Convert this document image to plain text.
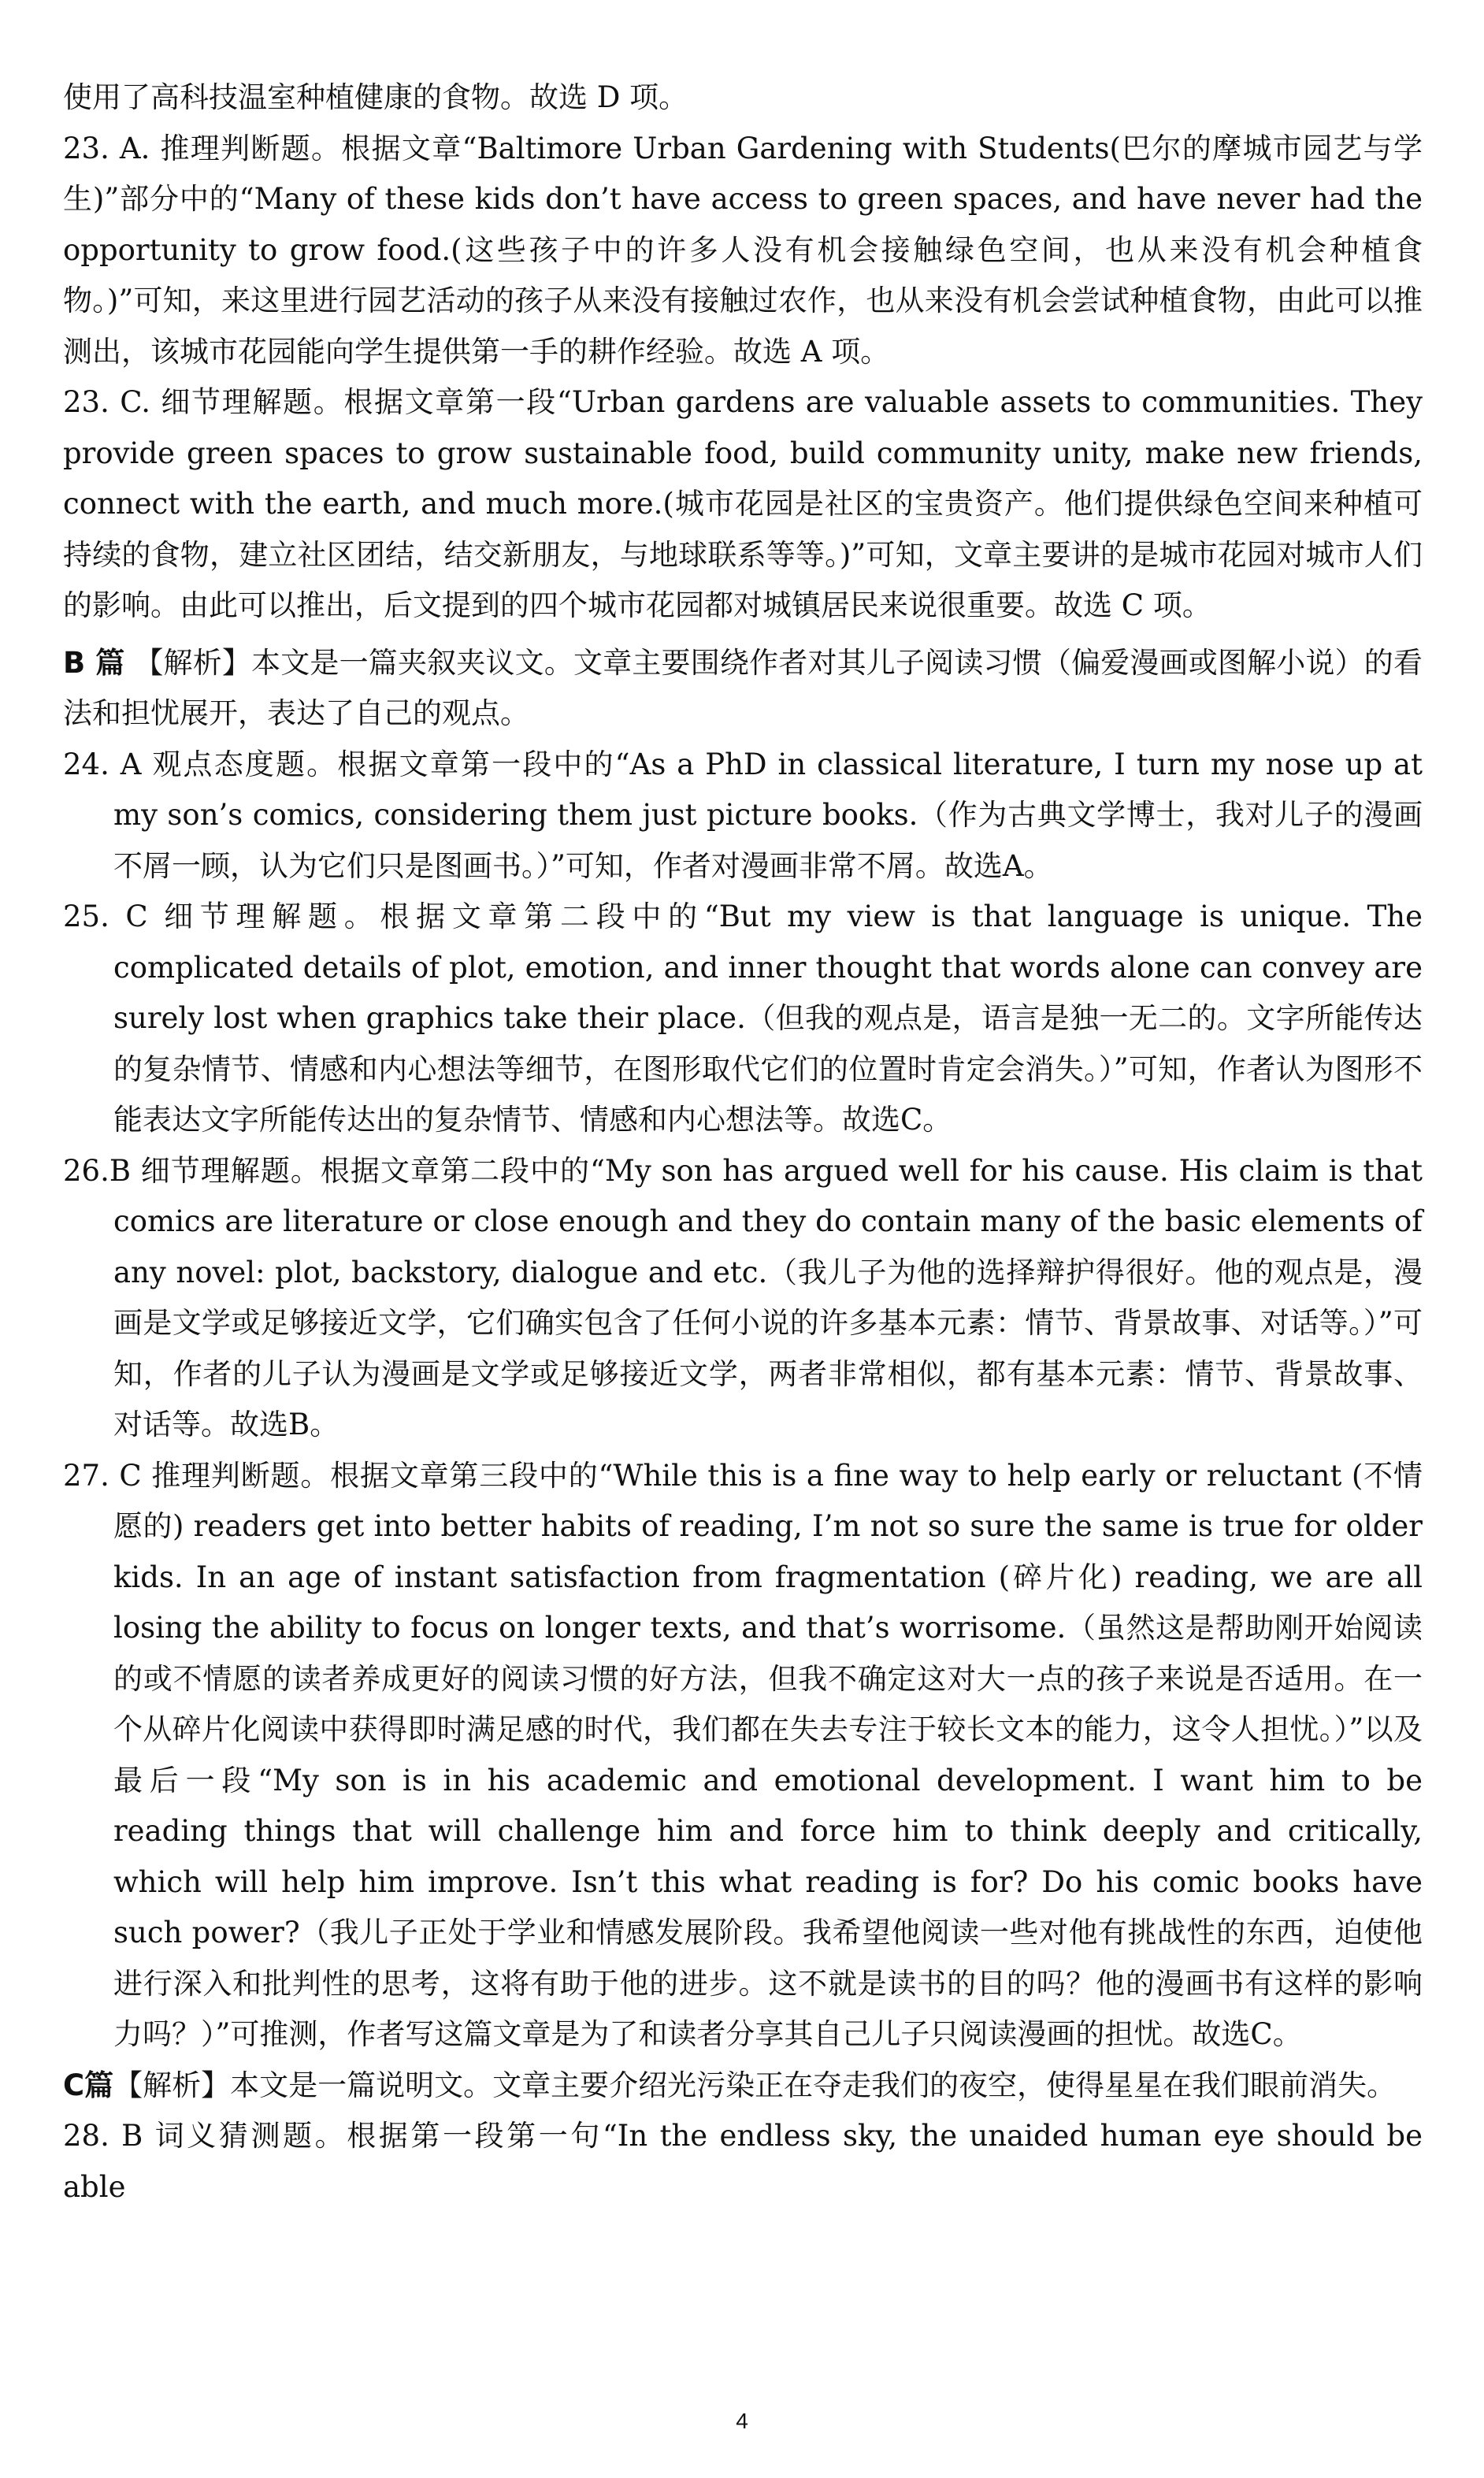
使用了高科技温室种植健康的食物。故选 D 项。

23. A. 推理判断题。根据文章“Baltimore Urban Gardening with Students(巴尔的摩城市园艺与学生)”部分中的“Many of these kids don’t have access to green spaces, and have never had the opportunity to grow food.(这些孩子中的许多人没有机会接触绿色空间，也从来没有机会种植食物。)”可知，来这里进行园艺活动的孩子从来没有接触过农作，也从来没有机会尝试种植食物，由此可以推测出，该城市花园能向学生提供第一手的耕作经验。故选 A 项。

23. C. 细节理解题。根据文章第一段“Urban gardens are valuable assets to communities. They provide green spaces to grow sustainable food, build community unity, make new friends, connect with the earth, and much more.(城市花园是社区的宝贵资产。他们提供绿色空间来种植可持续的食物，建立社区团结，结交新朋友，与地球联系等等。)”可知，文章主要讲的是城市花园对城市人们的影响。由此可以推出，后文提到的四个城市花园都对城镇居民来说很重要。故选 C 项。

B 篇 【解析】本文是一篇夹叙夹议文。文章主要围绕作者对其儿子阅读习惯（偏爱漫画或图解小说）的看法和担忧展开，表达了自己的观点。

24. A 观点态度题。根据文章第一段中的“As a PhD in classical literature, I turn my nose up at my son’s comics, considering them just picture books.（作为古典文学博士，我对儿子的漫画不屑一顾，认为它们只是图画书。）”可知，作者对漫画非常不屑。故选A。

25. C 细节理解题。根据文章第二段中的“But my view is that language is unique. The complicated details of plot, emotion, and inner thought that words alone can convey are surely lost when graphics take their place.（但我的观点是，语言是独一无二的。文字所能传达的复杂情节、情感和内心想法等细节，在图形取代它们的位置时肯定会消失。）”可知，作者认为图形不能表达文字所能传达出的复杂情节、情感和内心想法等。故选C。

26.B 细节理解题。根据文章第二段中的“My son has argued well for his cause. His claim is that comics are literature or close enough and they do contain many of the basic elements of any novel: plot, backstory, dialogue and etc.（我儿子为他的选择辩护得很好。他的观点是，漫画是文学或足够接近文学，它们确实包含了任何小说的许多基本元素：情节、背景故事、对话等。）”可知，作者的儿子认为漫画是文学或足够接近文学，两者非常相似，都有基本元素：情节、背景故事、对话等。故选B。

27. C 推理判断题。根据文章第三段中的“While this is a fine way to help early or reluctant (不情愿的) readers get into better habits of reading, I’m not so sure the same is true for older kids. In an age of instant satisfaction from fragmentation (碎片化) reading, we are all losing the ability to focus on longer texts, and that’s worrisome.（虽然这是帮助刚开始阅读的或不情愿的读者养成更好的阅读习惯的好方法，但我不确定这对大一点的孩子来说是否适用。在一个从碎片化阅读中获得即时满足感的时代，我们都在失去专注于较长文本的能力，这令人担忧。）”以及最后一段“My son is in his academic and emotional development. I want him to be reading things that will challenge him and force him to think deeply and critically, which will help him improve. Isn’t this what reading is for? Do his comic books have such power?（我儿子正处于学业和情感发展阶段。我希望他阅读一些对他有挑战性的东西，迫使他进行深入和批判性的思考，这将有助于他的进步。这不就是读书的目的吗？他的漫画书有这样的影响力吗？）”可推测，作者写这篇文章是为了和读者分享其自己儿子只阅读漫画的担忧。故选C。

C篇【解析】本文是一篇说明文。文章主要介绍光污染正在夺走我们的夜空，使得星星在我们眼前消失。

28. B 词义猜测题。根据第一段第一句“In the endless sky, the unaided human eye should be able

4
